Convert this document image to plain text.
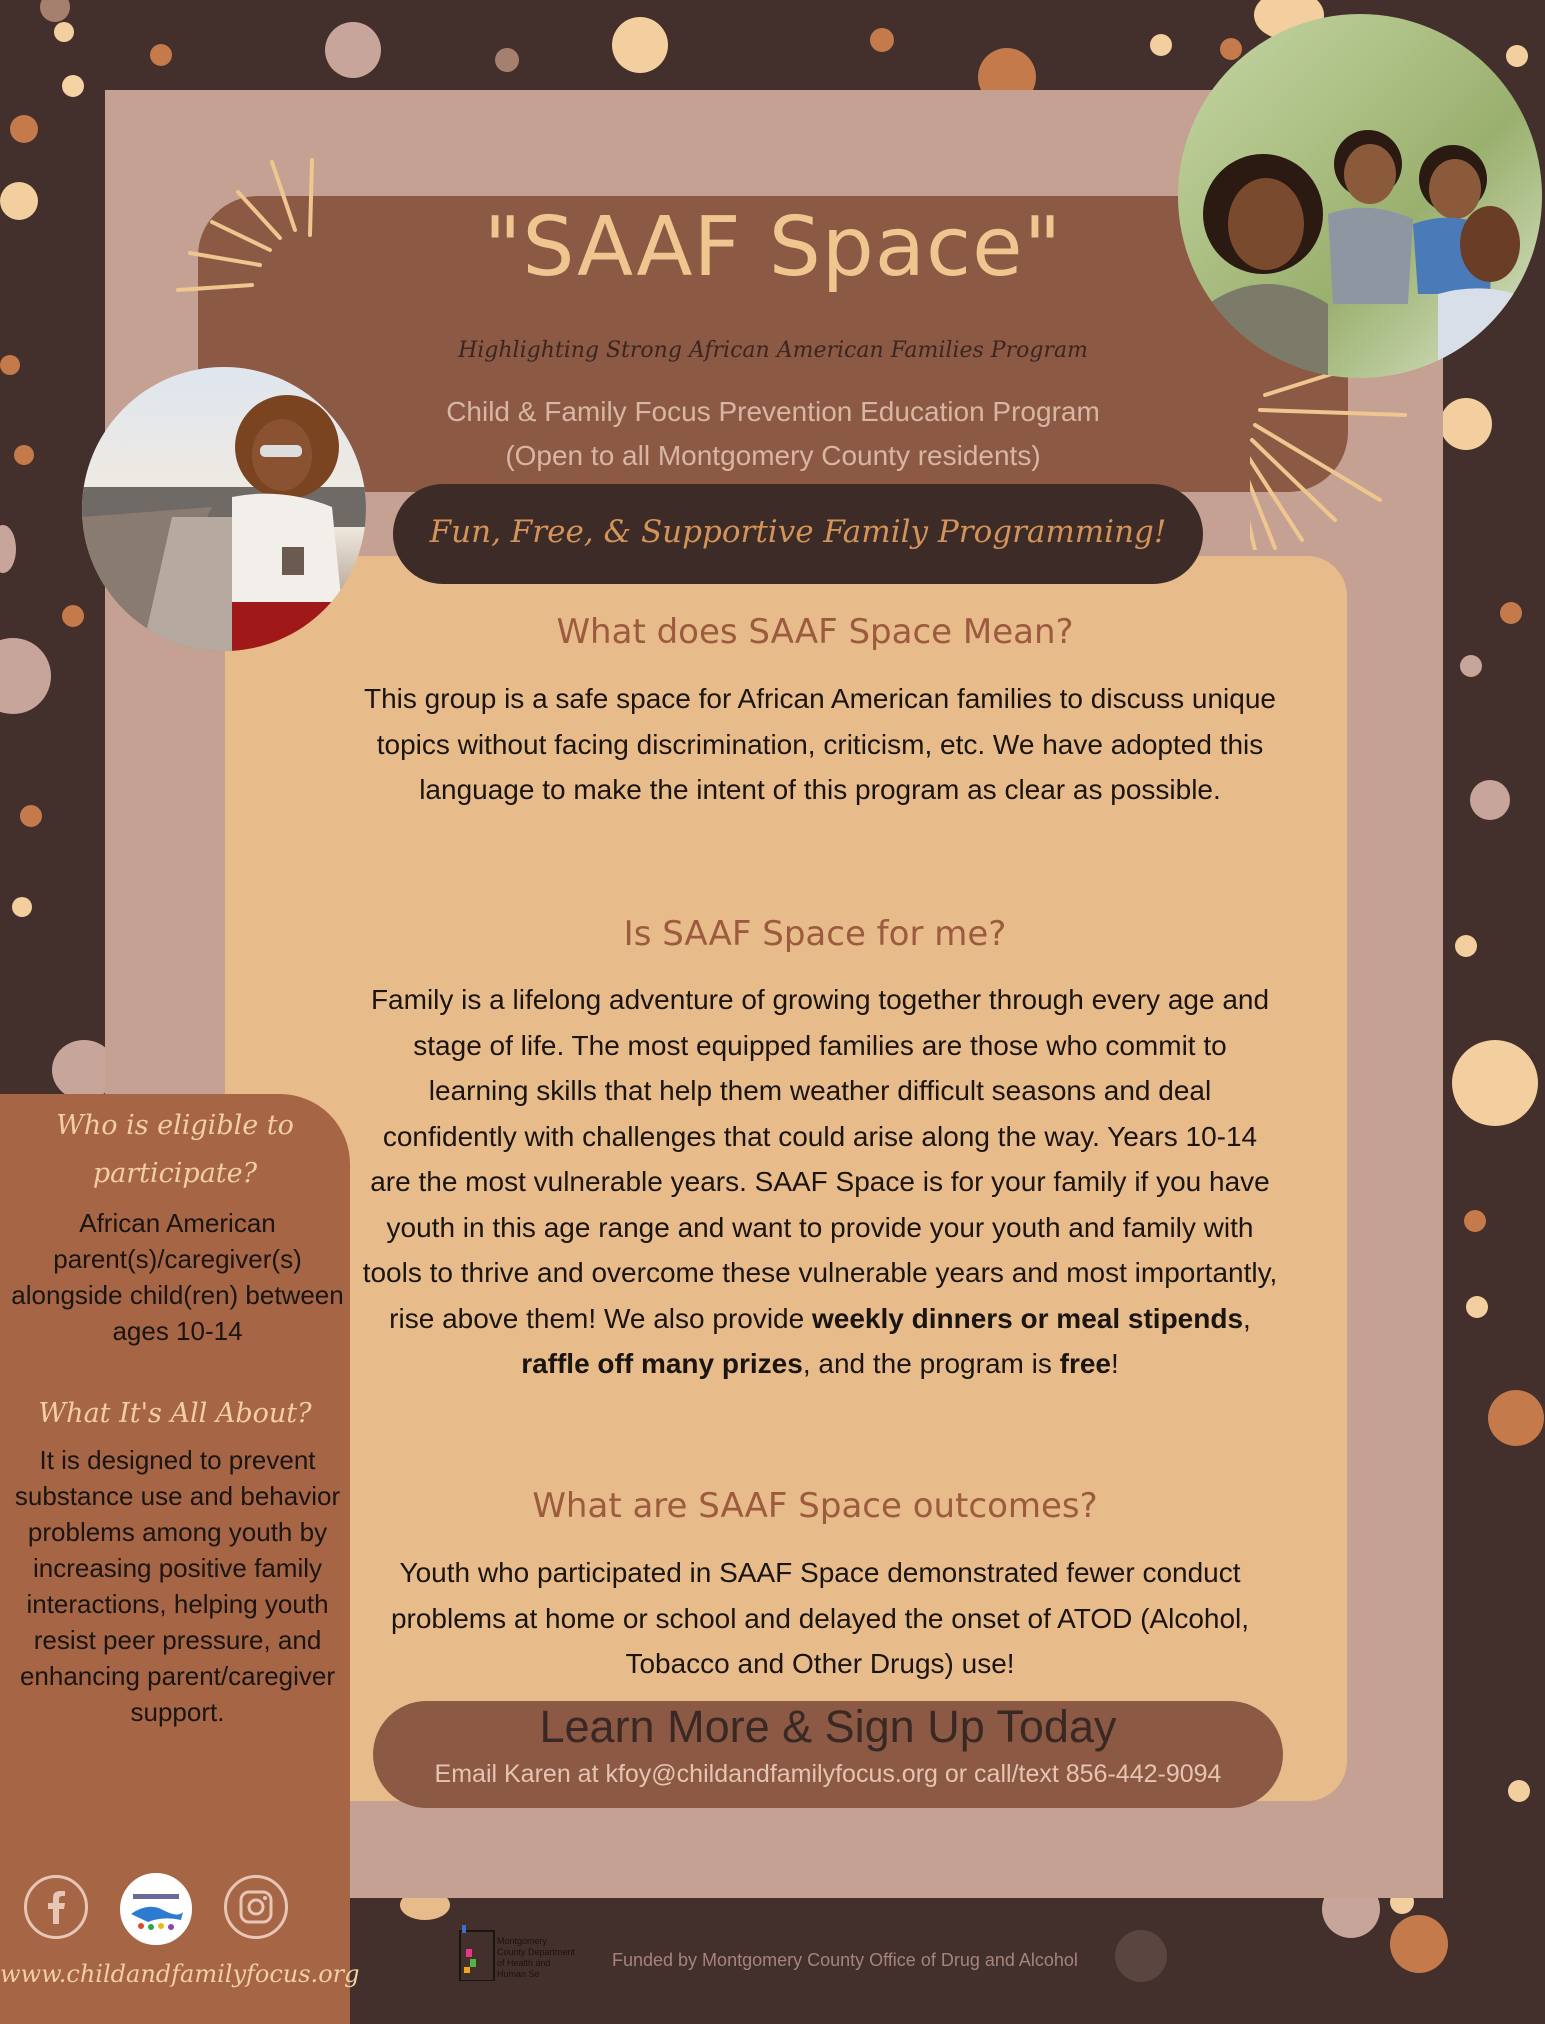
"SAAF Space"
Highlighting Strong African American Families Program
Child & Family Focus Prevention Education Program
(Open to all Montgomery County residents)
Fun, Free, & Supportive Family Programming!
What does SAAF Space Mean?
This group is a safe space for African American families to discuss unique topics without facing discrimination, criticism, etc. We have adopted this language to make the intent of this program as clear as possible.
Is SAAF Space for me?
Family is a lifelong adventure of growing together through every age and stage of life. The most equipped families are those who commit to learning skills that help them weather difficult seasons and deal confidently with challenges that could arise along the way. Years 10-14 are the most vulnerable years. SAAF Space is for your family if you have youth in this age range and want to provide your youth and family with tools to thrive and overcome these vulnerable years and most importantly, rise above them! We also provide weekly dinners or meal stipends, raffle off many prizes, and the program is free!
What are SAAF Space outcomes?
Youth who participated in SAAF Space demonstrated fewer conduct problems at home or school and delayed the onset of ATOD (Alcohol, Tobacco and Other Drugs) use!
Learn More & Sign Up Today
Email Karen at kfoy@childandfamilyfocus.org or call/text 856-442-9094
Who is eligible to
participate?
African American parent(s)/caregiver(s) alongside child(ren) between ages 10-14
What It's All About?
It is designed to prevent substance use and behavior problems among youth by increasing positive family interactions, helping youth resist peer pressure, and enhancing parent/caregiver support.
www.childandfamilyfocus.org
Montgomery County Department of Health and Human Se
Funded by Montgomery County Office of Drug and Alcohol
